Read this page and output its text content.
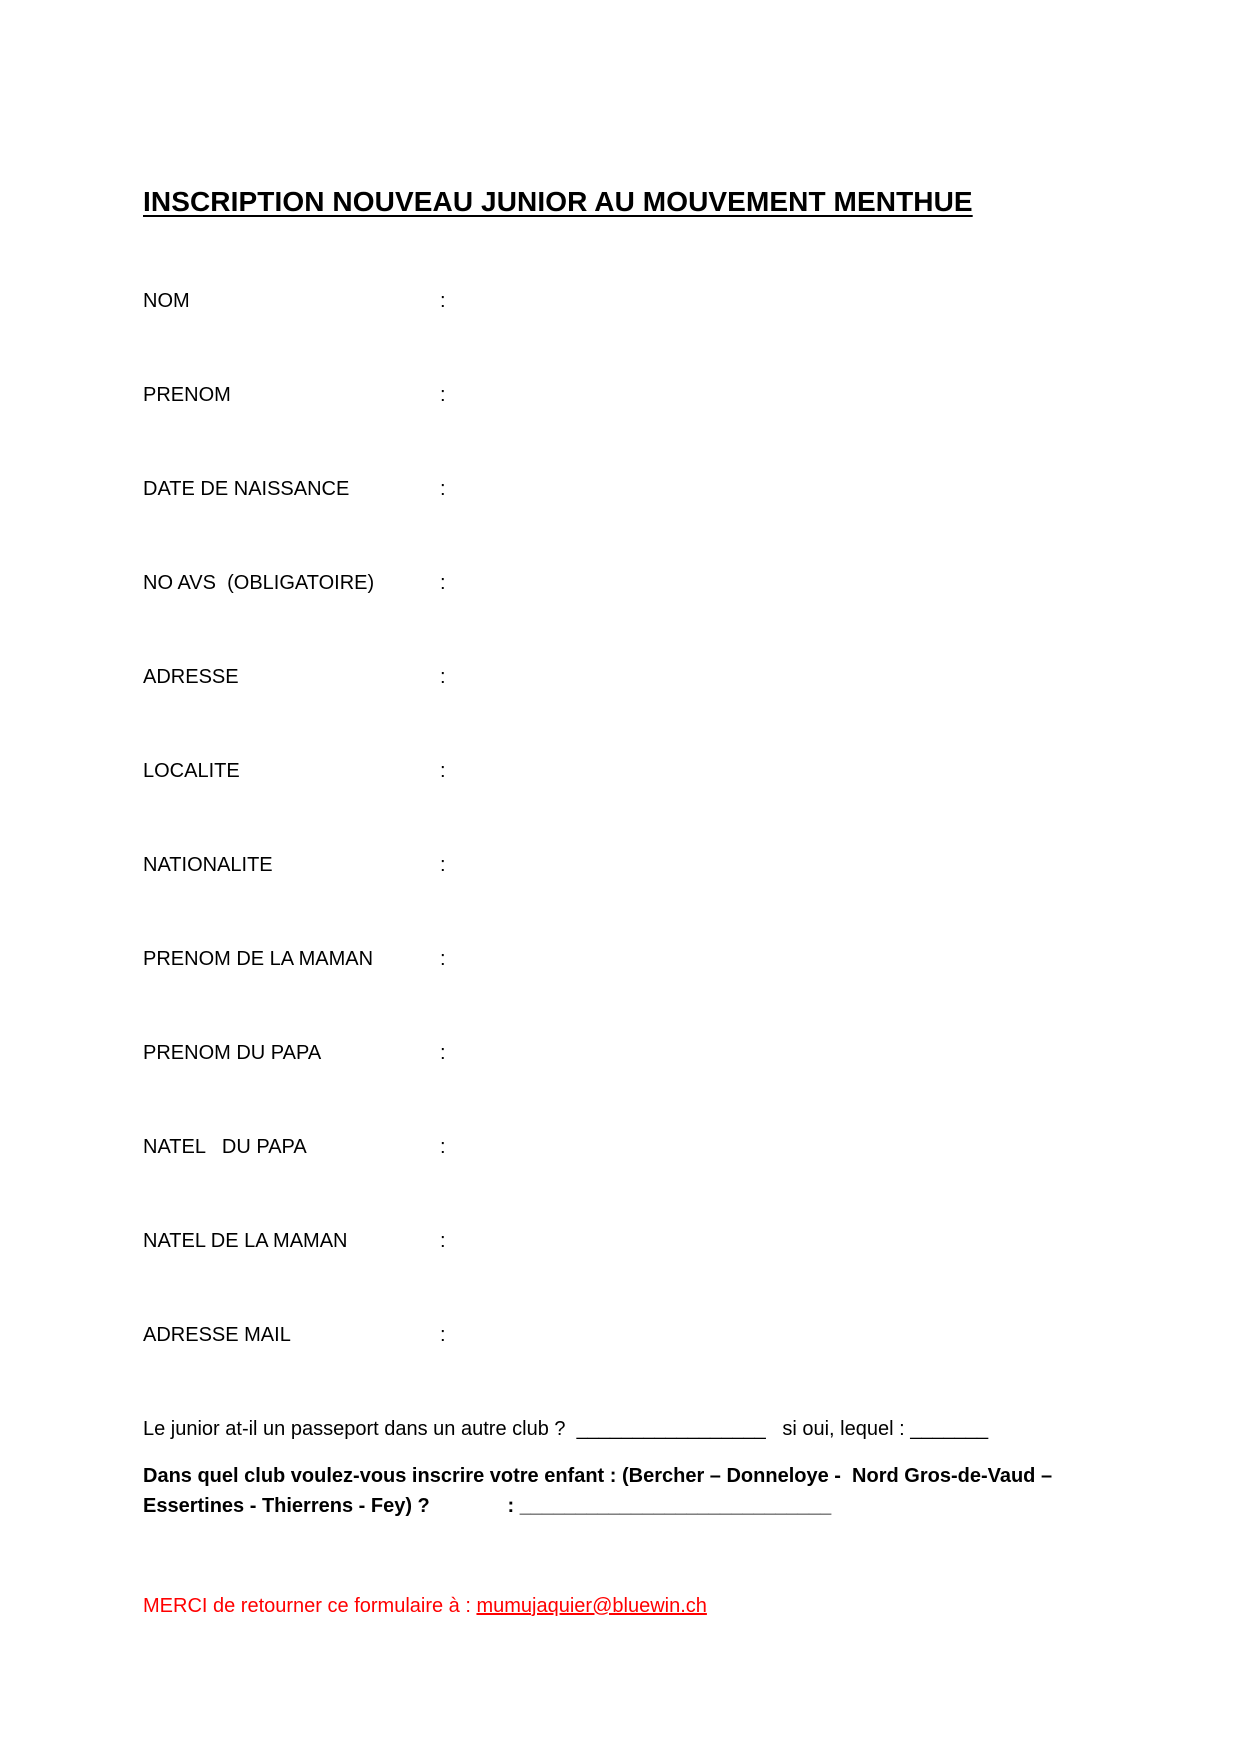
INSCRIPTION NOUVEAU JUNIOR AU MOUVEMENT MENTHUE
NOM	:
PRENOM	:
DATE DE NAISSANCE	:
NO AVS  (OBLIGATOIRE)	:
ADRESSE	:
LOCALITE	:
NATIONALITE	:
PRENOM DE LA MAMAN	:
PRENOM DU PAPA	:
NATEL   DU PAPA	:
NATEL DE LA MAMAN	:
ADRESSE MAIL	:
Le junior at-il un passeport dans un autre club ?  _________________   si oui, lequel : _______
Dans quel club voulez-vous inscrire votre enfant : (Bercher – Donneloye -  Nord Gros-de-Vaud –
Essertines - Thierrens - Fey) ?              : ____________________________
MERCI de retourner ce formulaire à : mumujaquier@bluewin.ch
